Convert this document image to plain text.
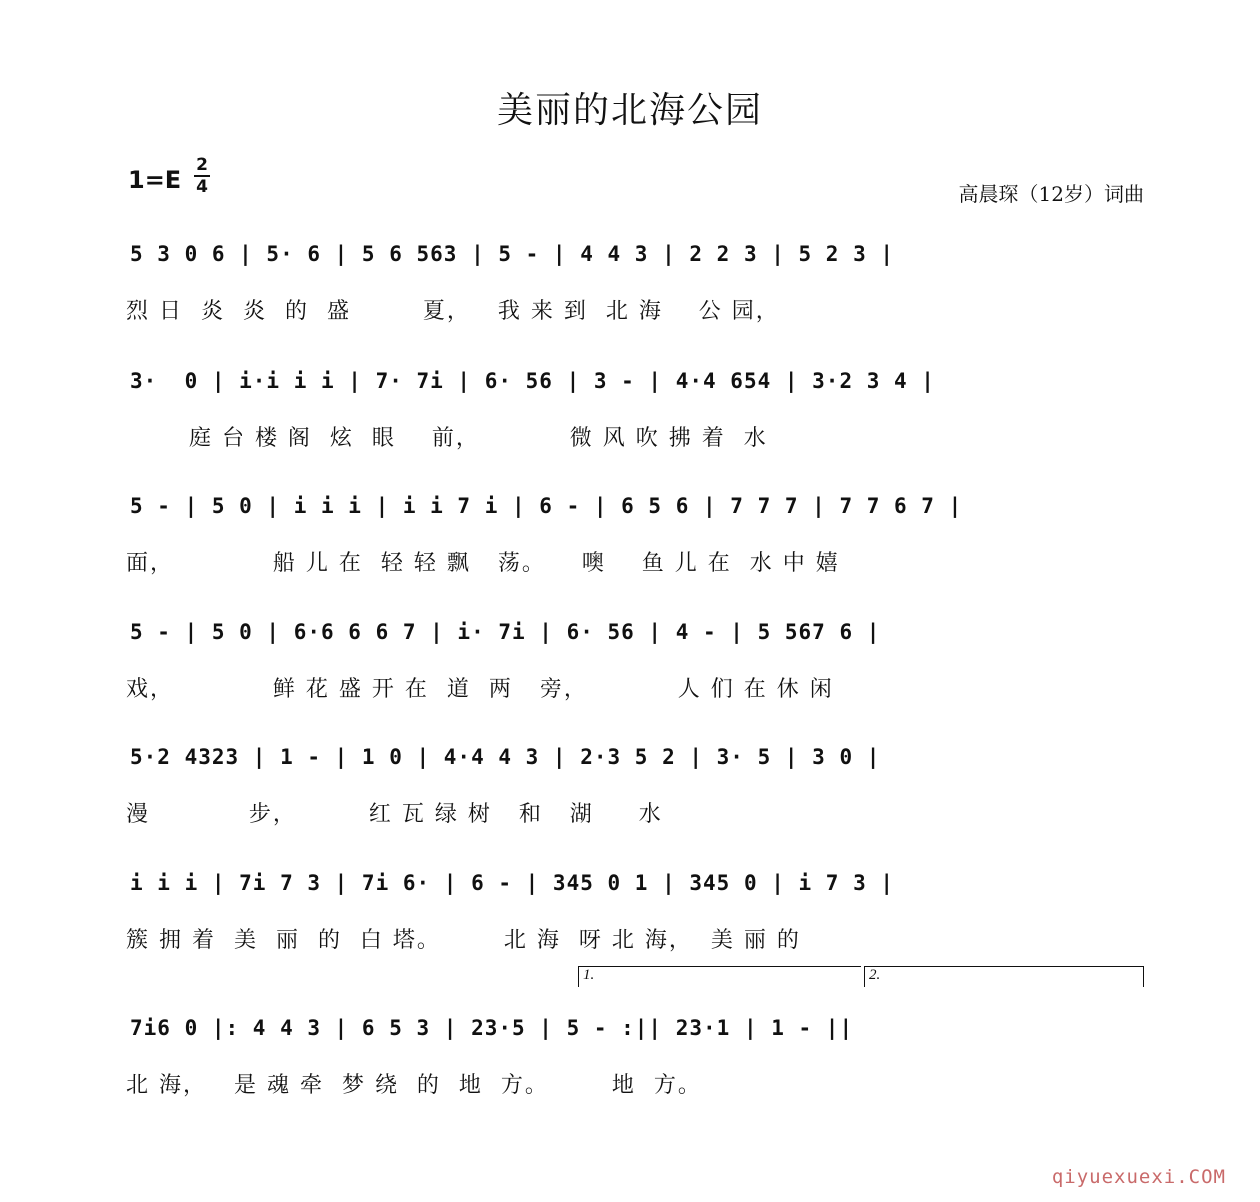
美丽的北海公园
1=E
2
4	高晨琛（12岁）词曲
5 3 0 6 | 5· 6 | 5 6 563 | 5 - | 4 4 3 | 2 2 3 | 5 2 3 |
烈 日  炎  炎  的  盛        夏，   我 来 到  北 海    公 园，
3·  0 | i·i i i | 7· 7i | 6· 56 | 3 - | 4·4 654 | 3·2 3 4 |
庭 台 楼 阁  炫  眼    前，          微 风 吹 拂 着  水
5 - | 5 0 | i i i | i i 7 i | 6 - | 6 5 6 | 7 7 7 | 7 7 6 7 |
面，           船 儿 在  轻 轻 飘   荡。    噢    鱼 儿 在  水 中 嬉
5 - | 5 0 | 6·6 6 6 7 | i· 7i | 6· 56 | 4 - | 5 567 6 |
戏，           鲜 花 盛 开 在  道  两   旁，          人 们 在 休 闲
5·2 4323 | 1 - | 1 0 | 4·4 4 3 | 2·3 5 2 | 3· 5 | 3 0 |
漫           步，        红 瓦 绿 树   和   湖     水
i i i | 7i 7 3 | 7i 6· | 6 - | 345 0 1 | 345 0 | i 7 3 |
簇 拥 着  美  丽  的  白 塔。       北 海  呀 北 海，  美 丽 的
1.	2.
7i6 0 |: 4 4 3 | 6 5 3 | 23·5 | 5 - :|| 23·1 | 1 - ||
北 海，   是 魂 牵  梦 绕  的  地  方。       地  方。
qiyuexuexi.COM
